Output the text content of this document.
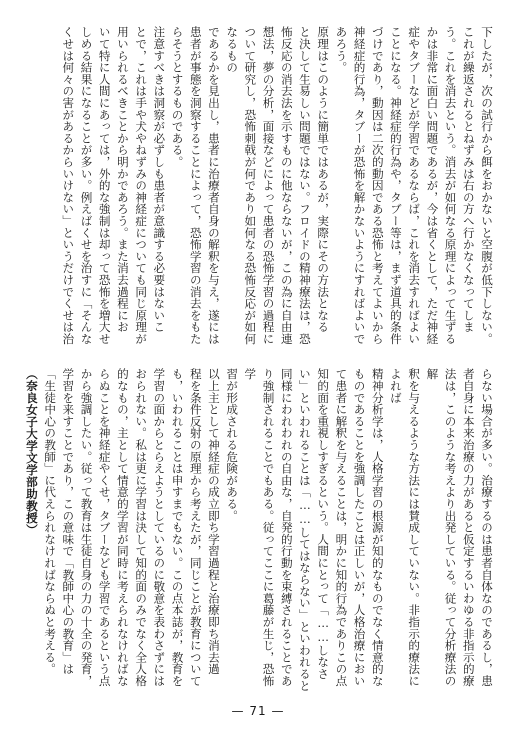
下したが，次の試行から餌をおかないと空腹が低下しない。

これが繰返されるとねずみは右の方へ行かなくなってしま

う。これを消去という。消去が如何なる原理によって生ずる

かは非常に面白い問題であるが，今は省くとして，ただ神経

症やタブーなどが学習であるならば，これを消去すればよい

ことになる。神経症的行為や，タブー等は，まず道具的条件

づけであり，動因は二次的動因である恐怖と考えてよいから

神経症的行為，タブーが恐怖を解かないようにすればよいで

あろう。

原理はこのように簡単ではあるが，実際にその方法となる

と決して生易しい問題ではない。フロイドの精神療法は，恐

怖反応の消去法を示すものに他ならないが，この為に自由連

想法，夢の分析，面接などによって患者の恐怖学習の過程に

ついて研究し，恐怖刺戟が何であり如何なる恐怖反応が如何なるもの

であるかを見出し，患者に治療者自身の解釈を与え，遂には

患者が事態を洞察することによって，恐怖学習の消去をもた

らそうとするものである。

注意すべきは洞察が必ずしも患者が意識する必要はないこ

とで，これは手や犬やねずみの神経症についても同じ原理が

用いられるべきことから明かであろう。また消去過程にお

いて特に人間にあっては，外的な強制は却って恐怖を増大せ

しめる結果になることが多い。例えばくせを治すに「そんな

くせは何々の害があるからいけない」というだけでくせは治

らない場合が多い。治療するのは患者自体なのであるし，患

者自身に本来治療の力があると仮定するいわゆる非指示的療

法は，このような考えより出発している。従って分析療法の解

釈を与えるような方法には賛成していない。非指示的療法によれば

精神分析学は，人格学習の根源が知的なものでなく情意的な

ものであることを強調したことは正しいが，人格治療におい

て患者に解釈を与えることは，明かに知的行為でありこの点

知的面を重視しすぎるという。人間にとって「……しなさ

い」といわれることは「……してはならない」といわれると

同様にわれわれの自由な，自発的行動を束縛されることであ

り強制されることでもある。従ってここに葛藤が生じ，恐怖学

習が形成される危険がある。

以上主として神経症の成立即ち学習過程と治療即ち消去過

程を条件反射の原理から考えたが，同じことが教育について

も，いわれることは申すまでもない。この点本誌が，教育を

学習の面からとらえようとしているのに敬意を表わさずには

おられない。私は更に学習は決して知的面のみでなく全人格

的なもの，主として情意的学習が同時に考えられなければな

らぬことを神経症やくせ，タブーなども学習であるという点

から強調したい。従って教育は生徒自身の力の十全の発育，

学習を来すことであり，この意味で「教師中心の教育」は

「生徒中心の教師」に代えられなければならぬと考える。

（奈良女子大学文学部助教授）

— 71 —
